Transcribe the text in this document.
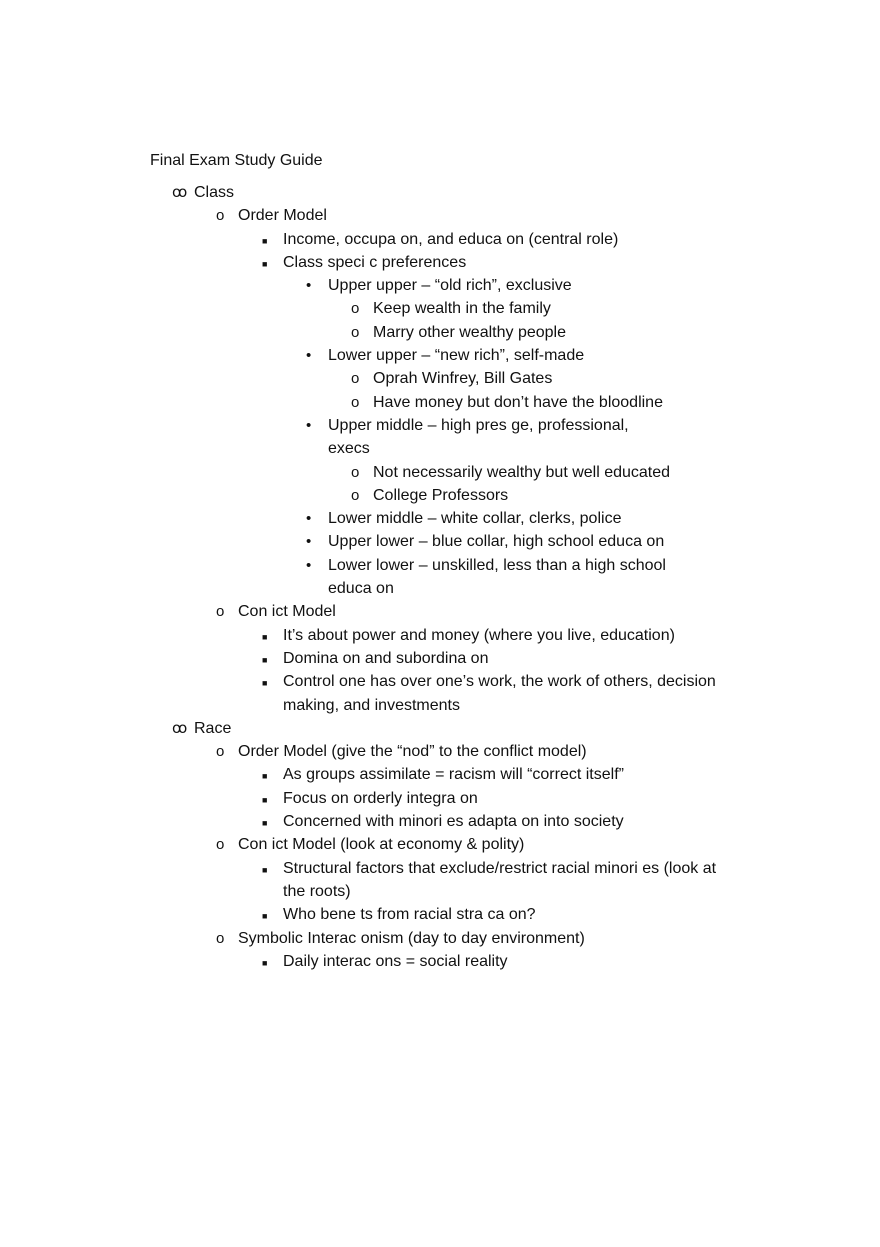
Final Exam Study Guide
ꝏ Class
o Order Model
■ Income, occupa on, and educa on (central role)
■ Class speci c preferences
• Upper upper – “old rich”, exclusive
o Keep wealth in the family
o Marry other wealthy people
• Lower upper – “new rich”, self-made
o Oprah Winfrey, Bill Gates
o Have money but don’t have the bloodline
• Upper middle – high pres ge, professional, execs
o Not necessarily wealthy but well educated
o College Professors
• Lower middle – white collar, clerks, police
• Upper lower – blue collar, high school educa on
• Lower lower – unskilled, less than a high school educa on
o Con ict Model
■ It’s about power and money (where you live, education)
■ Domina on and subordina on
■ Control one has over one’s work, the work of others, decision making, and investments
ꝏ Race
o Order Model (give the “nod” to the conflict model)
■ As groups assimilate = racism will “correct itself”
■ Focus on orderly integra on
■ Concerned with minori es adapta on into society
o Con ict Model (look at economy & polity)
■ Structural factors that exclude/restrict racial minori es (look at the roots)
■ Who bene ts from racial stra ca on?
o Symbolic Interac onism (day to day environment)
■ Daily interac ons = social reality
